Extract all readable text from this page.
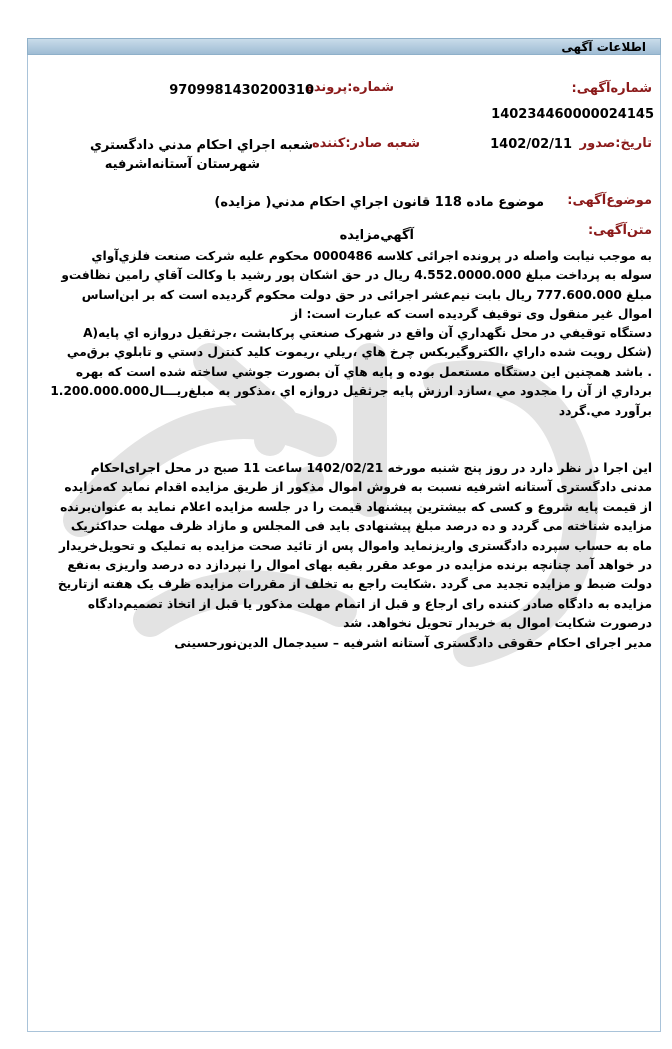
اطلاعات آگهی
شماره‌آگهی:
140234460000024145
شماره:پرونده
9709981430200310
تاریخ:صدور
1402/02/11
شعبه صادر:کننده
شعبه اجراي احكام مدني دادگستري
شهرستان آستانه‌اشرفيه
موضوع‌آگهی:
موضوع ماده 118 قانون اجراي احكام مدني( مزايده)
متن‌آگهی:
آگهي‌مزايده
به موجب نيابت واصله در پرونده اجرائی كلاسه 0000486 محكوم عليه شركت صنعت فلزي‌آواي
سوله به پرداخت مبلغ 4.552.0000.000 ريال در حق اشكان پور رشيد با وكالت آقاي رامين نظافت‌و
مبلغ 777.600.000 ريال بابت نيم‌عشر اجرائی در حق دولت محكوم گرديده است كه بر ابن‌اساس
اموال غير منقول وی توقيف گرديده است كه عبارت است: از
دستگاه توقيفي در محل نگهداري آن واقع در شهرک صنعتي پركابشت ،جرثقيل دروازه اي پايه(A
(شكل رويت شده داراي ،الكتروگيربكس چرخ هاي ،ريلي ،ريموت كليد كنترل دستي و تابلوي برق‌مي
. باشد همچنين اين دستگاه مستعمل بوده و پايه هاي آن بصورت جوشي ساخته شده است كه بهره
برداري از آن را مجدود مي ،سازد ارزش پايه جرثقيل دروازه اي ،مذكور به مبلغ‌ريـــال1.200.000.000
برآورد مي.گردد
اين اجرا در نظر دارد در روز پنج شنبه مورخه 1402/02/21 ساعت 11 صبح در محل اجرای‌احكام
مدنی دادگستری آستانه اشرفيه نسبت به فروش اموال مذكور از طريق مزايده اقدام نمايد كه‌مزايده
از قيمت پايه شروع و كسی كه بيشترين پيشنهاد قيمت را در جلسه مزايده اعلام نمايد به عنوان‌برنده
مزايده شناخته می گردد و ده درصد مبلغ پيشنهادی بايد فی المجلس و مازاد ظرف مهلت حداكثريک
ماه به حساب سپرده دادگستری واريزنمايد واموال پس از تائيد صحت مزايده به تمليک و تحويل‌خريدار
در خواهد آمد چنانچه برنده مزايده در موعد مقرر بقيه بهای اموال را نپردازد ده درصد واريزی به‌نفع
دولت ضبط و مزايده تجديد می گردد .شكايت راجع به تخلف از مقررات مزايده ظرف يک هفته ازتاريخ
مزايده به دادگاه صادر كننده رای ارجاع و قبل از اتمام مهلت مذكور يا قبل از اتخاذ تصميم‌دادگاه
درصورت شكايت اموال به خريدار تحويل نخواهد. شد
مدير اجرای احكام حقوقی دادگستری آستانه اشرفيه – سيدجمال الدين‌نورحسينی
